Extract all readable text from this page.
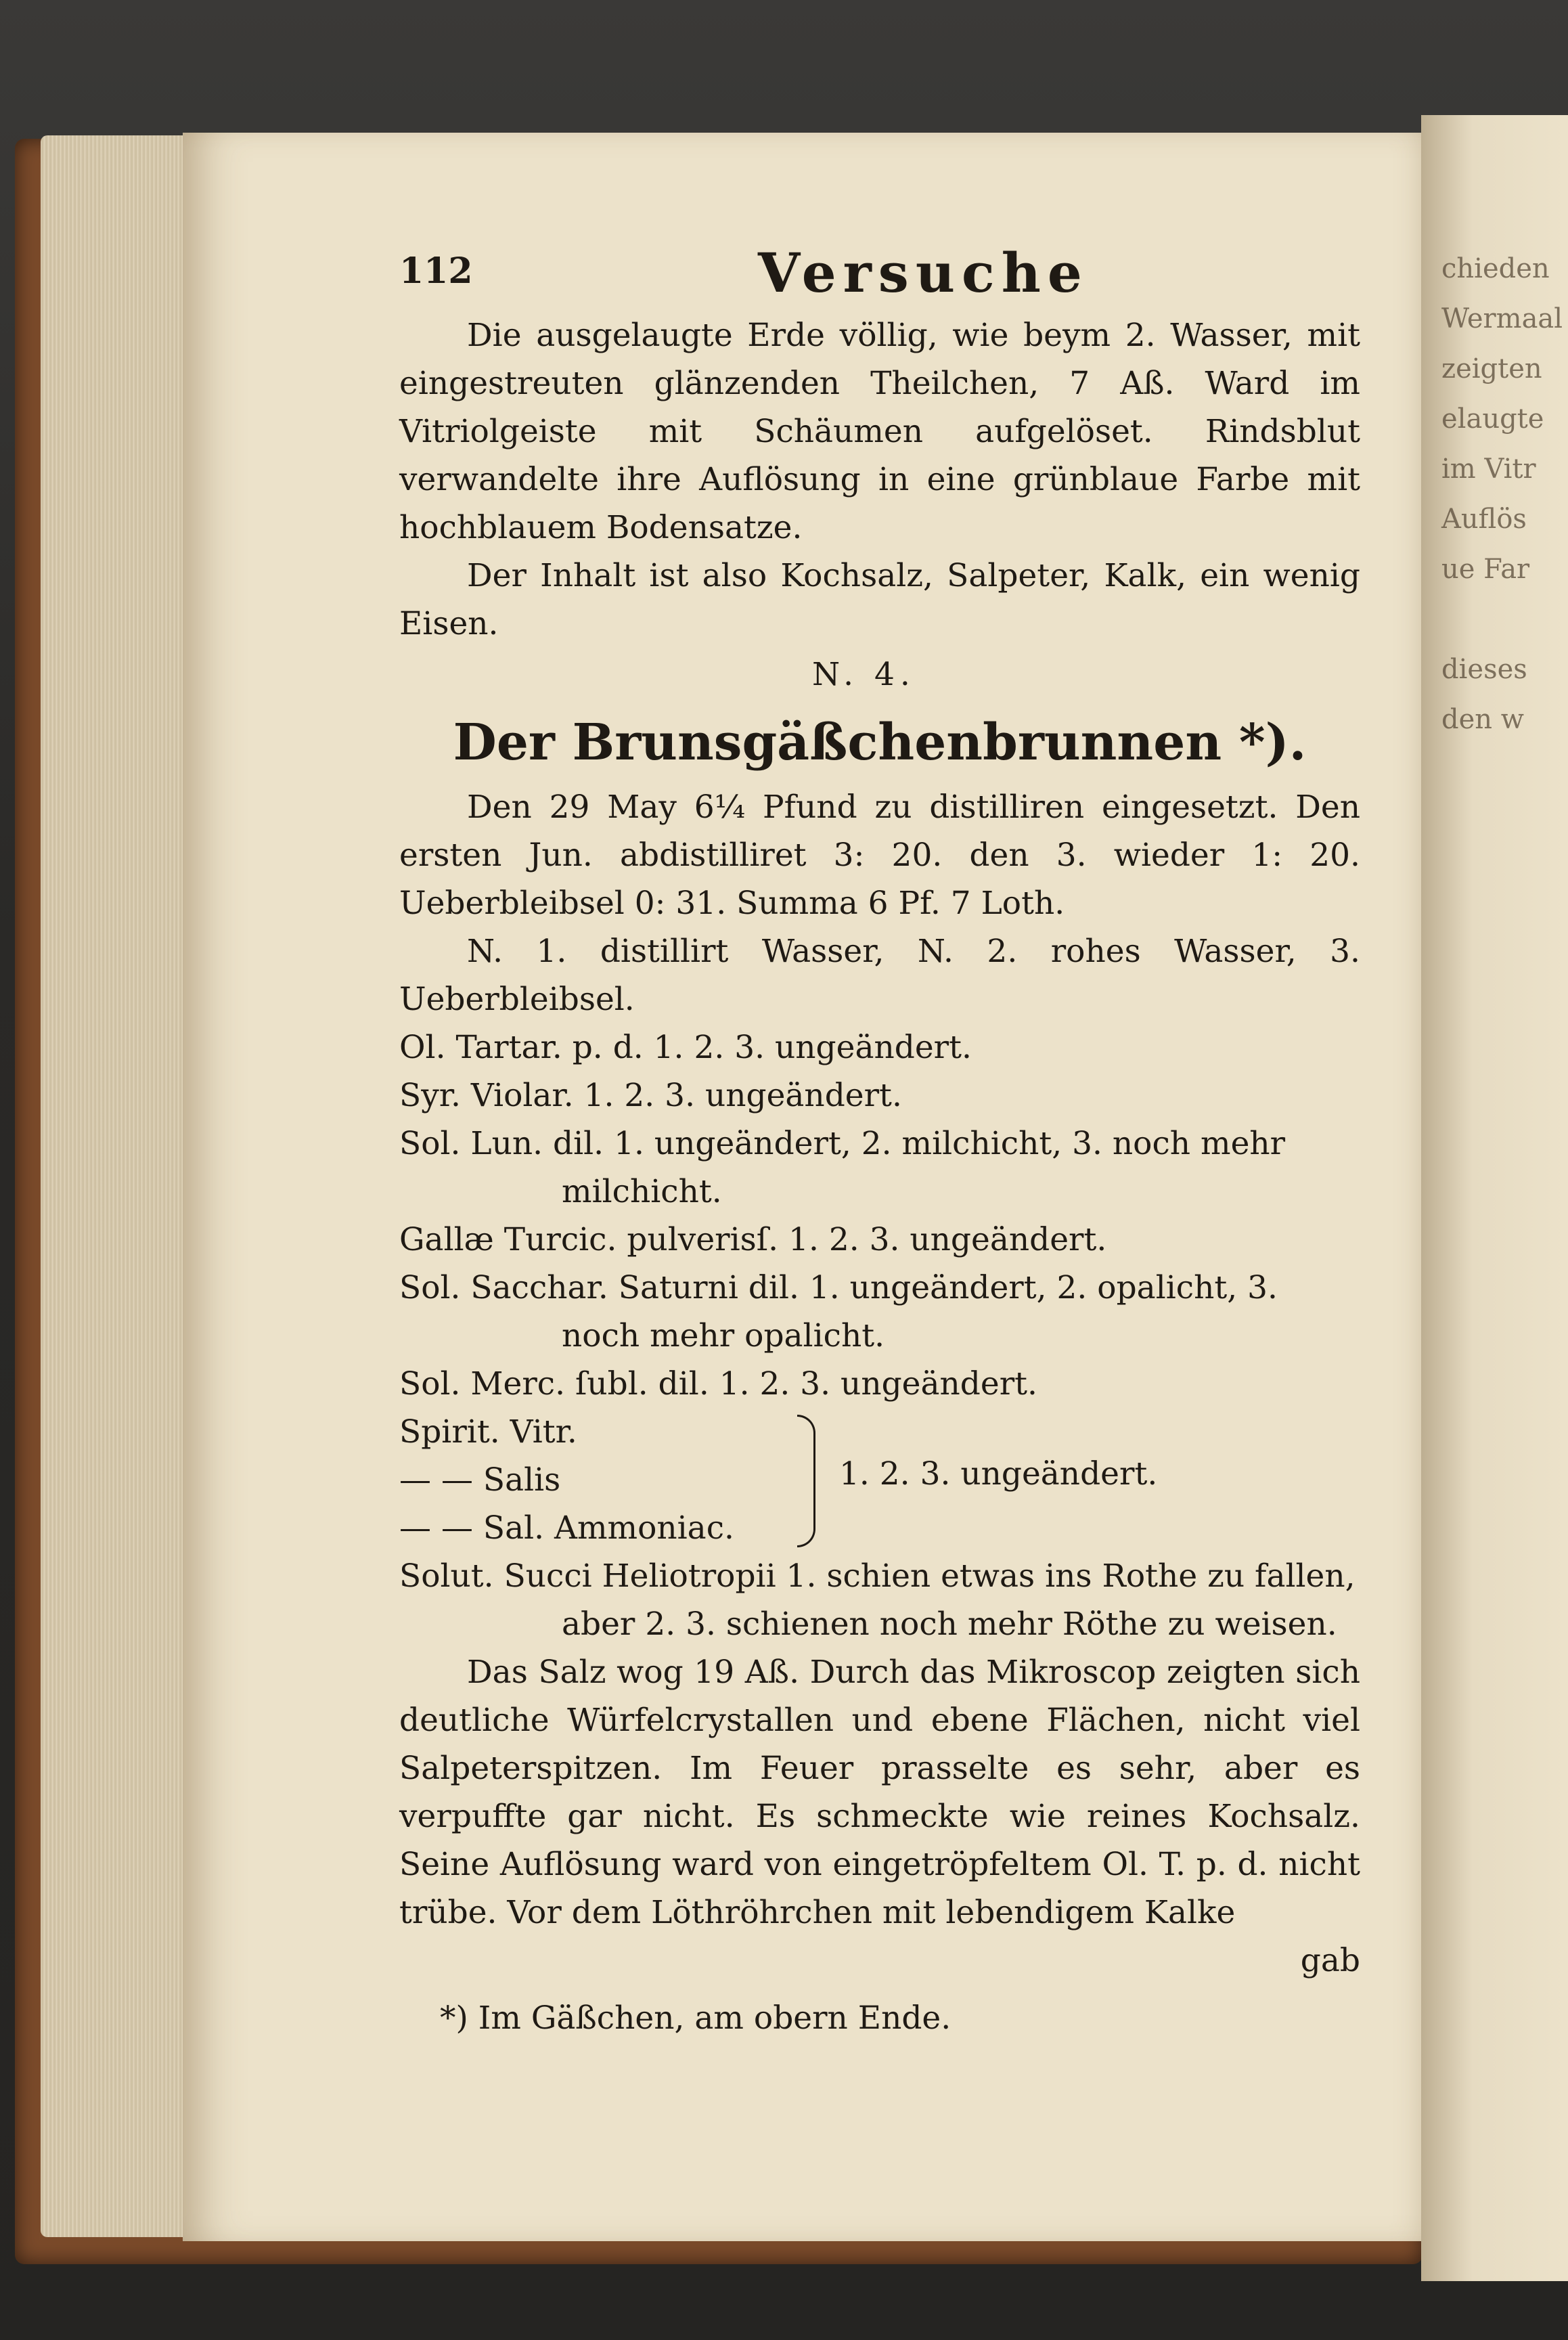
chieden
Wermaal
zeigten
elaugte
im Vitr
Auflös
ue Far

dieses
den w
112	Versuche

Die ausgelaugte Erde völlig, wie beym 2. Wasser, mit eingestreuten glänzenden Theilchen, 7 Aß. Ward im Vitriolgeiste mit Schäumen aufgelöset. Rindsblut verwandelte ihre Auflösung in eine grünblaue Farbe mit hochblauem Bodensatze.

Der Inhalt ist also Kochsalz, Salpeter, Kalk, ein wenig Eisen.

N. 4.

Der Brunsgäßchenbrunnen *).

Den 29 May 6¼ Pfund zu distilliren eingesetzt. Den ersten Jun. abdistilliret 3: 20. den 3. wieder 1: 20. Ueberbleibsel 0: 31. Summa 6 Pf. 7 Loth.

N. 1. distillirt Wasser, N. 2. rohes Wasser, 3. Ueberbleibsel.

Ol. Tartar. p. d. 1. 2. 3. ungeändert.

Syr. Violar. 1. 2. 3. ungeändert.

Sol. Lun. dil. 1. ungeändert, 2. milchicht, 3. noch mehr milchicht.

Gallæ Turcic. pulverisſ. 1. 2. 3. ungeändert.

Sol. Sacchar. Saturni dil. 1. ungeändert, 2. opalicht, 3. noch mehr opalicht.

Sol. Merc. ſubl. dil. 1. 2. 3. ungeändert.

Spirit. Vitr.
— — Salis
— — Sal. Ammoniac.
1. 2. 3. ungeändert.

Solut. Succi Heliotropii 1. schien etwas ins Rothe zu fallen, aber 2. 3. schienen noch mehr Röthe zu weisen.

Das Salz wog 19 Aß. Durch das Mikroscop zeigten sich deutliche Würfelcrystallen und ebene Flächen, nicht viel Salpeterspitzen. Im Feuer prasselte es sehr, aber es verpuffte gar nicht. Es schmeckte wie reines Kochsalz. Seine Auflösung ward von eingetröpfeltem Ol. T. p. d. nicht trübe. Vor dem Löthröhrchen mit lebendigem Kalke

gab

*) Im Gäßchen, am obern Ende.
